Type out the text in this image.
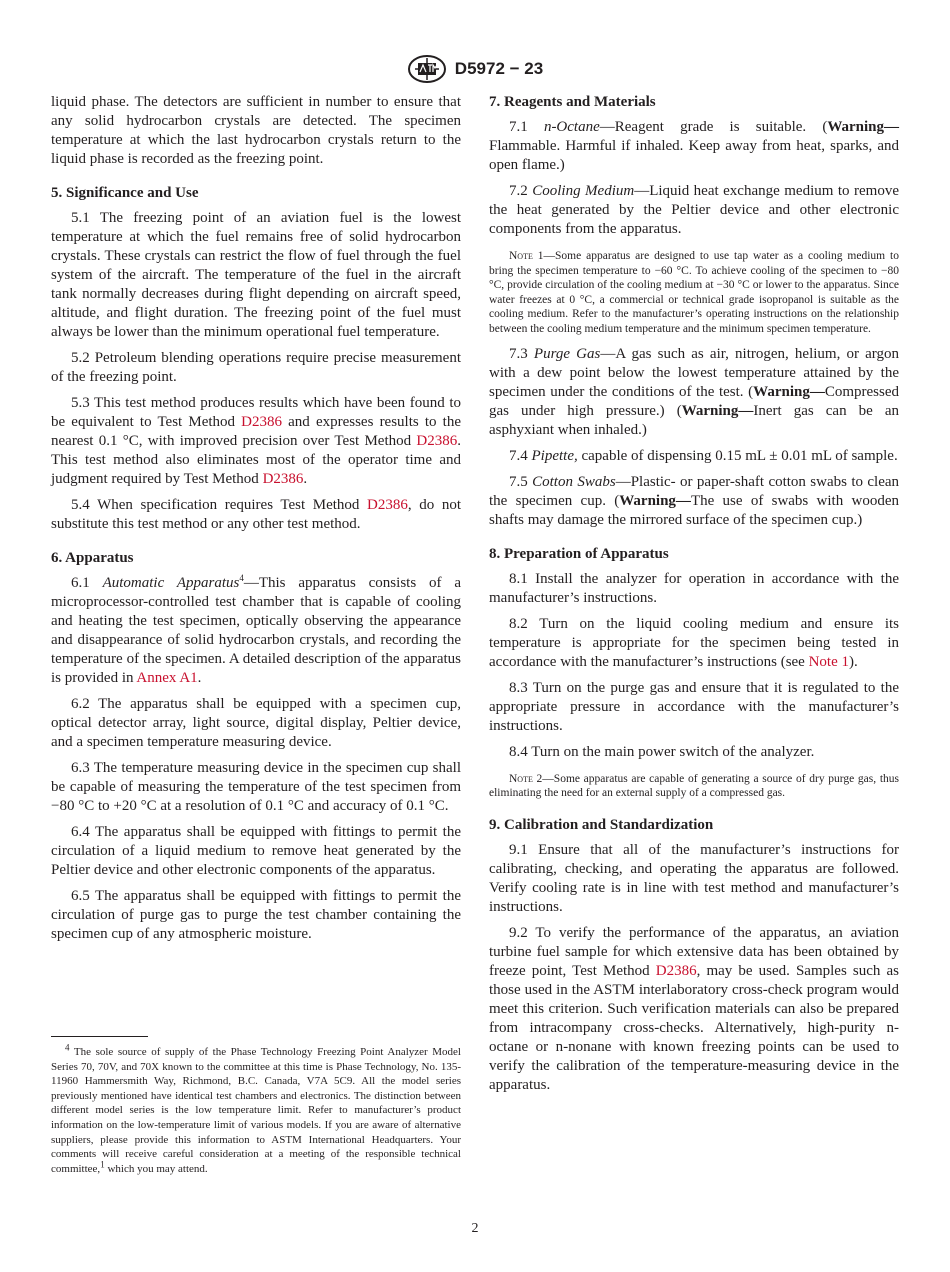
D5972 − 23

liquid phase. The detectors are sufficient in number to ensure that any solid hydrocarbon crystals are detected. The specimen temperature at which the last hydrocarbon crystals return to the liquid phase is recorded as the freezing point.

5. Significance and Use

5.1 The freezing point of an aviation fuel is the lowest temperature at which the fuel remains free of solid hydrocarbon crystals. These crystals can restrict the flow of fuel through the fuel system of the aircraft. The temperature of the fuel in the aircraft tank normally decreases during flight depending on aircraft speed, altitude, and flight duration. The freezing point of the fuel must always be lower than the minimum operational fuel temperature.

5.2 Petroleum blending operations require precise measurement of the freezing point.

5.3 This test method produces results which have been found to be equivalent to Test Method D2386 and expresses results to the nearest 0.1 °C, with improved precision over Test Method D2386. This test method also eliminates most of the operator time and judgment required by Test Method D2386.

5.4 When specification requires Test Method D2386, do not substitute this test method or any other test method.

6. Apparatus

6.1 Automatic Apparatus$^4$—This apparatus consists of a microprocessor-controlled test chamber that is capable of cooling and heating the test specimen, optically observing the appearance and disappearance of solid hydrocarbon crystals, and recording the temperature of the specimen. A detailed description of the apparatus is provided in Annex A1.

6.2 The apparatus shall be equipped with a specimen cup, optical detector array, light source, digital display, Peltier device, and a specimen temperature measuring device.

6.3 The temperature measuring device in the specimen cup shall be capable of measuring the temperature of the test specimen from −80 °C to +20 °C at a resolution of 0.1 °C and accuracy of 0.1 °C.

6.4 The apparatus shall be equipped with fittings to permit the circulation of a liquid medium to remove heat generated by the Peltier device and other electronic components of the apparatus.

6.5 The apparatus shall be equipped with fittings to permit the circulation of purge gas to purge the test chamber containing the specimen cup of any atmospheric moisture.

$^4$ The sole source of supply of the Phase Technology Freezing Point Analyzer Model Series 70, 70V, and 70X known to the committee at this time is Phase Technology, No. 135-11960 Hammersmith Way, Richmond, B.C. Canada, V7A 5C9. All the model series previously mentioned have identical test chambers and electronics. The distinction between different model series is the low temperature limit. Refer to manufacturer’s product information on the low-temperature limit of various models. If you are aware of alternative suppliers, please provide this information to ASTM International Headquarters. Your comments will receive careful consideration at a meeting of the responsible technical committee,$^1$ which you may attend.
7. Reagents and Materials

7.1 n-Octane—Reagent grade is suitable. (Warning—Flammable. Harmful if inhaled. Keep away from heat, sparks, and open flame.)

7.2 Cooling Medium—Liquid heat exchange medium to remove the heat generated by the Peltier device and other electronic components from the apparatus.

Note 1—Some apparatus are designed to use tap water as a cooling medium to bring the specimen temperature to −60 °C. To achieve cooling of the specimen to −80 °C, provide circulation of the cooling medium at −30 °C or lower to the apparatus. Since water freezes at 0 °C, a commercial or technical grade isopropanol is suitable as the cooling medium. Refer to the manufacturer’s operating instructions on the relationship between the cooling medium temperature and the minimum specimen temperature.

7.3 Purge Gas—A gas such as air, nitrogen, helium, or argon with a dew point below the lowest temperature attained by the specimen under the conditions of the test. (Warning—Compressed gas under high pressure.) (Warning—Inert gas can be an asphyxiant when inhaled.)

7.4 Pipette, capable of dispensing 0.15 mL ± 0.01 mL of sample.

7.5 Cotton Swabs—Plastic- or paper-shaft cotton swabs to clean the specimen cup. (Warning—The use of swabs with wooden shafts may damage the mirrored surface of the specimen cup.)

8. Preparation of Apparatus

8.1 Install the analyzer for operation in accordance with the manufacturer’s instructions.

8.2 Turn on the liquid cooling medium and ensure its temperature is appropriate for the specimen being tested in accordance with the manufacturer’s instructions (see Note 1).

8.3 Turn on the purge gas and ensure that it is regulated to the appropriate pressure in accordance with the manufacturer’s instructions.

8.4 Turn on the main power switch of the analyzer.

Note 2—Some apparatus are capable of generating a source of dry purge gas, thus eliminating the need for an external supply of a compressed gas.

9. Calibration and Standardization

9.1 Ensure that all of the manufacturer’s instructions for calibrating, checking, and operating the apparatus are followed. Verify cooling rate is in line with test method and manufacturer’s instructions.

9.2 To verify the performance of the apparatus, an aviation turbine fuel sample for which extensive data has been obtained by freeze point, Test Method D2386, may be used. Samples such as those used in the ASTM interlaboratory cross-check program would meet this criterion. Such verification materials can also be prepared from intracompany cross-checks. Alternatively, high-purity n-octane or n-nonane with known freezing points can be used to verify the calibration of the temperature-measuring device in the apparatus.

2
